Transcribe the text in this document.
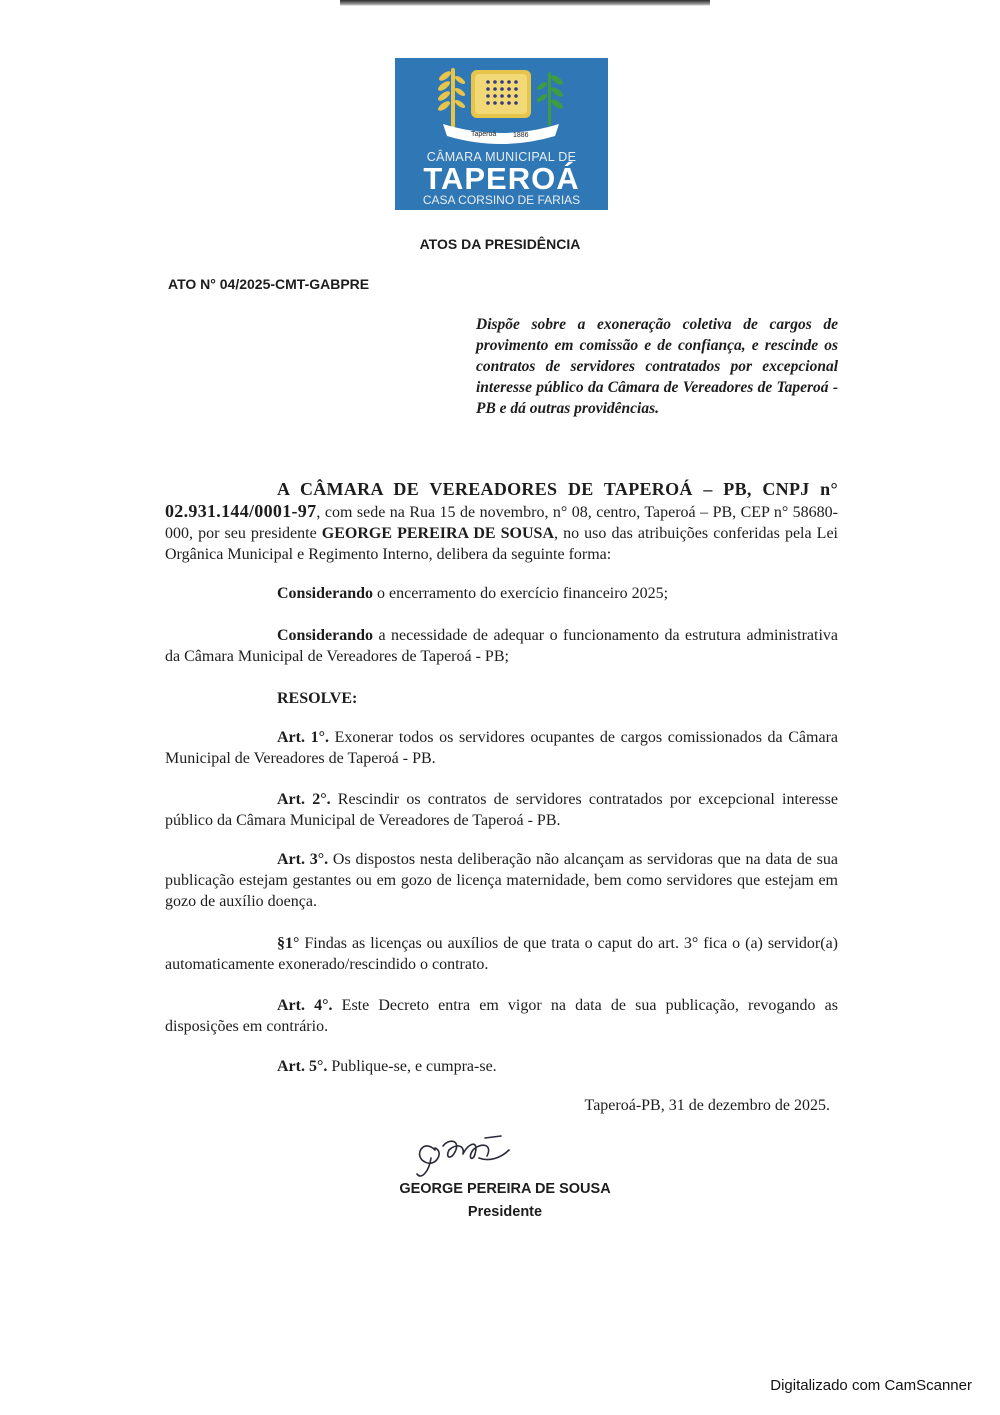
Taperoá 1886
CÂMARA MUNICIPAL DE
TAPEROÁ
CASA CORSINO DE FARIAS
ATOS DA PRESIDÊNCIA
ATO N° 04/2025-CMT-GABPRE
Dispõe sobre a exoneração coletiva de cargos de provimento em comissão e de confiança, e rescinde os contratos de servidores contratados por excepcional interesse público da Câmara de Vereadores de Taperoá - PB e dá outras providências.
A CÂMARA DE VEREADORES DE TAPEROÁ – PB, CNPJ n° 02.931.144/0001-97, com sede na Rua 15 de novembro, n° 08, centro, Taperoá – PB, CEP n° 58680-000, por seu presidente GEORGE PEREIRA DE SOUSA, no uso das atribuições conferidas pela Lei Orgânica Municipal e Regimento Interno, delibera da seguinte forma:
Considerando o encerramento do exercício financeiro 2025;
Considerando a necessidade de adequar o funcionamento da estrutura administrativa da Câmara Municipal de Vereadores de Taperoá - PB;
RESOLVE:
Art. 1°. Exonerar todos os servidores ocupantes de cargos comissionados da Câmara Municipal de Vereadores de Taperoá - PB.
Art. 2°. Rescindir os contratos de servidores contratados por excepcional interesse público da Câmara Municipal de Vereadores de Taperoá - PB.
Art. 3°. Os dispostos nesta deliberação não alcançam as servidoras que na data de sua publicação estejam gestantes ou em gozo de licença maternidade, bem como servidores que estejam em gozo de auxílio doença.
§1° Findas as licenças ou auxílios de que trata o caput do art. 3° fica o (a) servidor(a) automaticamente exonerado/rescindido o contrato.
Art. 4°. Este Decreto entra em vigor na data de sua publicação, revogando as disposições em contrário.
Art. 5°. Publique-se, e cumpra-se.
Taperoá-PB, 31 de dezembro de 2025.
GEORGE PEREIRA DE SOUSA
Presidente
Digitalizado com CamScanner
